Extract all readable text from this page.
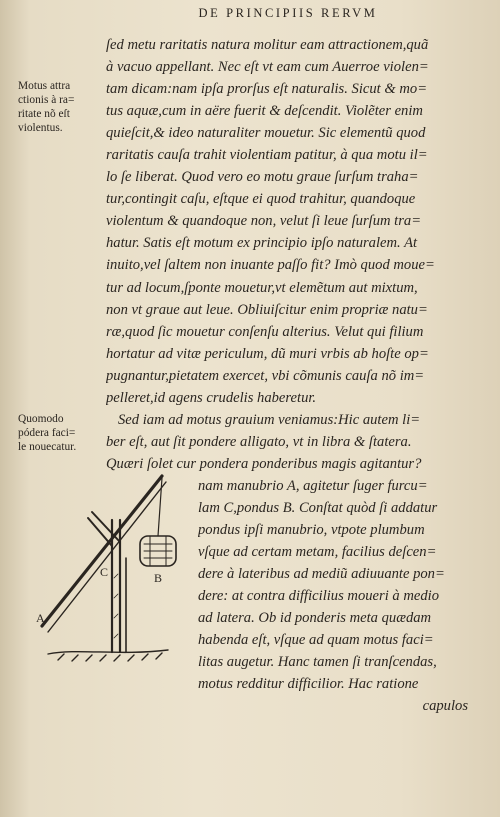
DE PRINCIPIIS RERVM
Motus attra
ctionis à ra=
ritate nõ eſt
violentus.
Quomodo
pódera faci=
le nouecatur.
ſed metu raritatis natura molitur eam attractionem,quã
à vacuo appellant. Nec eſt vt eam cum Auerroe violen=
tam dicam:nam ipſa prorſus eſt naturalis. Sicut & mo=
tus aquæ,cum in aëre fuerit & deſcendit. Violẽter enim
quieſcit,& ideo naturaliter mouetur. Sic elementũ quod
raritatis cauſa trahit violentiam patitur, à qua motu il=
lo ſe liberat. Quod vero eo motu graue ſurſum traha=
tur,contingit caſu, eſtque ei quod trahitur, quandoque
violentum & quandoque non, velut ſi leue ſurſum tra=
hatur. Satis eſt motum ex principio ipſo naturalem. At
inuito,vel ſaltem non inuante paſſo fit? Imò quod moue=
tur ad locum,ſponte mouetur,vt elemẽtum aut mixtum,
non vt graue aut leue. Obliuiſcitur enim propriæ natu=
ræ,quod ſic mouetur conſenſu alterius. Velut qui filium
hortatur ad vitæ periculum, dũ muri vrbis ab hoſte op=
pugnantur,pietatem exercet, vbi cõmunis cauſa nõ im=
pelleret,id agens crudelis haberetur.
Sed iam ad motus grauium veniamus:Hic autem li=
ber eſt, aut ſit pondere alligato, vt in libra & ſtatera.
Quæri ſolet cur pondera ponderibus magis agitantur?
nam manubrio A, agitetur ſuger furcu=
lam C,pondus B. Conſtat quòd ſi addatur
pondus ipſi manubrio, vtpote plumbum
vſque ad certam metam, facilius deſcen=
dere à lateribus ad mediũ adiuuante pon=
dere: at contra difficilius moueri à medio
ad latera. Ob id ponderis meta quædam
habenda eſt, vſque ad quam motus faci=
litas augetur. Hanc tamen ſi tranſcendas,
motus redditur difficilior. Hac ratione
capulos
A
B
C
